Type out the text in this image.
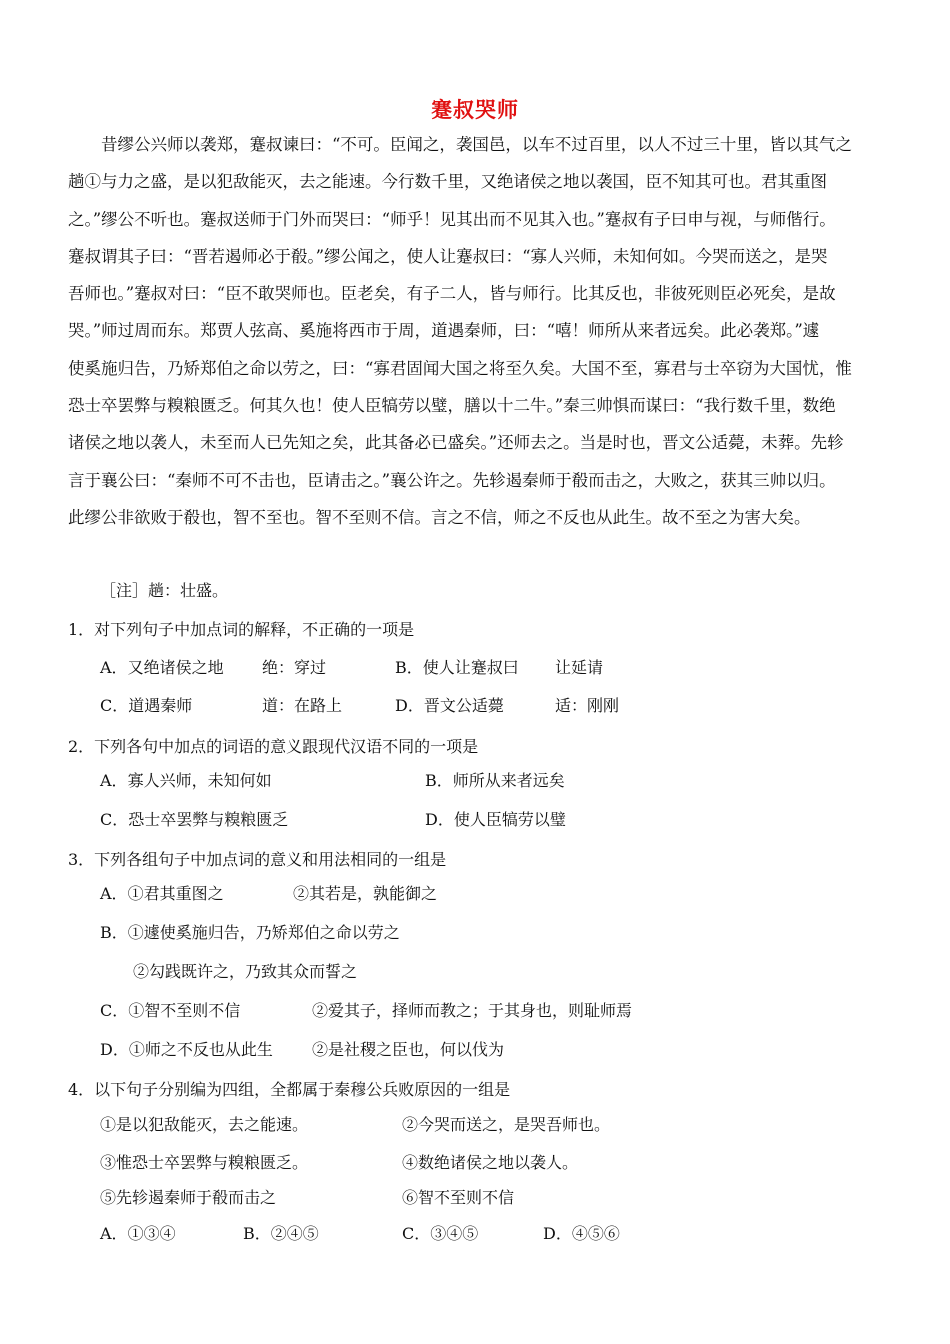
蹇叔哭师
昔缪公兴师以袭郑，蹇叔谏曰：“不可。臣闻之，袭国邑，以车不过百里，以人不过三十里，皆以其气之
趟①与力之盛，是以犯敌能灭，去之能速。今行数千里，又绝诸侯之地以袭国，臣不知其可也。君其重图
之。”缪公不听也。蹇叔送师于门外而哭曰：“师乎！见其出而不见其入也。”蹇叔有子曰申与视，与师偕行。
蹇叔谓其子曰：“晋若遏师必于殽。”缪公闻之，使人让蹇叔曰：“寡人兴师，未知何如。今哭而送之，是哭
吾师也。”蹇叔对曰：“臣不敢哭师也。臣老矣，有子二人，皆与师行。比其反也，非彼死则臣必死矣，是故
哭。”师过周而东。郑贾人弦高、奚施将西市于周，道遇秦师，曰：“嘻！师所从来者远矣。此必袭郑。”遽
使奚施归告，乃矫郑伯之命以劳之，曰：“寡君固闻大国之将至久矣。大国不至，寡君与士卒窃为大国忧，惟
恐士卒罢弊与糗粮匮乏。何其久也！使人臣犒劳以璧，膳以十二牛。”秦三帅惧而谋曰：“我行数千里，数绝
诸侯之地以袭人，未至而人已先知之矣，此其备必已盛矣。”还师去之。当是时也，晋文公适薨，未葬。先轸
言于襄公曰：“秦师不可不击也，臣请击之。”襄公许之。先轸遏秦师于殽而击之，大败之，获其三帅以归。
此缪公非欲败于殽也，智不至也。智不至则不信。言之不信，师之不反也从此生。故不至之为害大矣。
［注］趟：壮盛。
1．对下列句子中加点词的解释，不正确的一项是
A．又绝诸侯之地 绝：穿过	B．使人让蹇叔曰 让延请
C．道遇秦师	道：在路上	D．晋文公适薨	适：刚刚
2．下列各句中加点的词语的意义跟现代汉语不同的一项是
A．寡人兴师，未知何如	B．师所从来者远矣
C．恐士卒罢弊与糗粮匮乏	D．使人臣犒劳以璧
3．下列各组句子中加点词的意义和用法相同的一组是
A．①君其重图之	②其若是，孰能御之
B．①遽使奚施归告，乃矫郑伯之命以劳之
②勾践既许之，乃致其众而誓之
C．①智不至则不信	②爱其子，择师而教之；于其身也，则耻师焉
D．①师之不反也从此生 ②是社稷之臣也，何以伐为
4．以下句子分别编为四组，全都属于秦穆公兵败原因的一组是
①是以犯敌能灭，去之能速。	②今哭而送之，是哭吾师也。
③惟恐士卒罢弊与糗粮匮乏。	④数绝诸侯之地以袭人。
⑤先轸遏秦师于殽而击之	⑥智不至则不信
A．①③④	B．②④⑤	C．③④⑤	D．④⑤⑥
